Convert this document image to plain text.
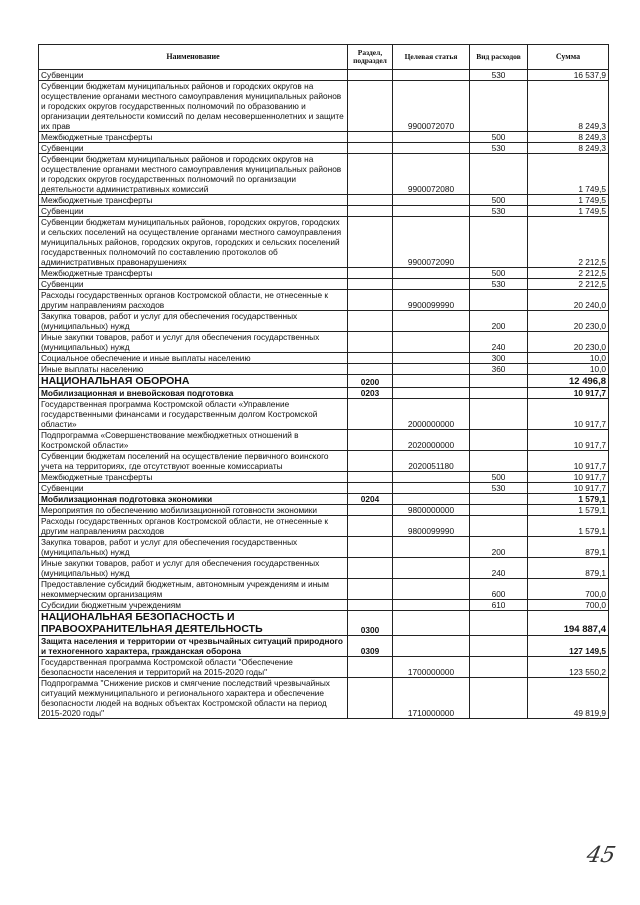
Наименование	Раздел, подраздел	Целевая статья	Вид расходов	Сумма
Субвенции			530	16 537,9
Субвенции бюджетам муниципальных районов и городских округов на осуществление органами местного самоуправления муниципальных районов и городских округов государственных полномочий по образованию и организации деятельности комиссий по делам несовершеннолетних и защите их прав		9900072070		8 249,3
Межбюджетные трансферты			500	8 249,3
Субвенции			530	8 249,3
Субвенции бюджетам муниципальных районов и городских округов на осуществление органами местного самоуправления муниципальных районов и городских округов государственных полномочий по организации деятельности административных комиссий		9900072080		1 749,5
Межбюджетные трансферты			500	1 749,5
Субвенции			530	1 749,5
Субвенции бюджетам муниципальных районов, городских округов, городских и сельских поселений на осуществление органами местного самоуправления муниципальных районов, городских округов, городских и сельских поселений государственных полномочий по составлению протоколов об административных правонарушениях		9900072090		2 212,5
Межбюджетные трансферты			500	2 212,5
Субвенции			530	2 212,5
Расходы государственных органов Костромской области, не отнесенные к другим направлениям расходов		9900099990		20 240,0
Закупка товаров, работ и услуг для обеспечения государственных (муниципальных) нужд			200	20 230,0
Иные закупки товаров, работ и услуг для обеспечения государственных (муниципальных) нужд			240	20 230,0
Социальное обеспечение и иные выплаты населению			300	10,0
Иные выплаты населению			360	10,0
НАЦИОНАЛЬНАЯ ОБОРОНА	0200			12 496,8
Мобилизационная и вневойсковая подготовка	0203			10 917,7
Государственная программа Костромской области «Управление государственными финансами и государственным долгом Костромской области»		2000000000		10 917,7
Подпрограмма «Совершенствование межбюджетных отношений в Костромской области»		2020000000		10 917,7
Субвенции бюджетам поселений на осуществление первичного воинского учета на территориях, где отсутствуют военные комиссариаты		2020051180		10 917,7
Межбюджетные трансферты			500	10 917,7
Субвенции			530	10 917,7
Мобилизационная подготовка экономики	0204			1 579,1
Мероприятия по обеспечению мобилизационной готовности экономики		9800000000		1 579,1
Расходы государственных органов Костромской области, не отнесенные к другим направлениям расходов		9800099990		1 579,1
Закупка товаров, работ и услуг для обеспечения государственных (муниципальных) нужд			200	879,1
Иные закупки товаров, работ и услуг для обеспечения государственных (муниципальных) нужд			240	879,1
Предоставление субсидий бюджетным, автономным учреждениям и иным некоммерческим организациям			600	700,0
Субсидии бюджетным учреждениям			610	700,0
НАЦИОНАЛЬНАЯ БЕЗОПАСНОСТЬ И ПРАВООХРАНИТЕЛЬНАЯ ДЕЯТЕЛЬНОСТЬ	0300			194 887,4
Защита населения и территории от чрезвычайных ситуаций природного и техногенного характера, гражданская оборона	0309			127 149,5
Государственная программа Костромской области "Обеспечение безопасности населения и территорий на 2015-2020 годы"		1700000000		123 550,2
Подпрограмма "Снижение рисков и смягчение последствий чрезвычайных ситуаций межмуниципального и регионального характера и обеспечение безопасности людей на водных объектах Костромской области на период 2015-2020 годы"		1710000000		49 819,9
45
